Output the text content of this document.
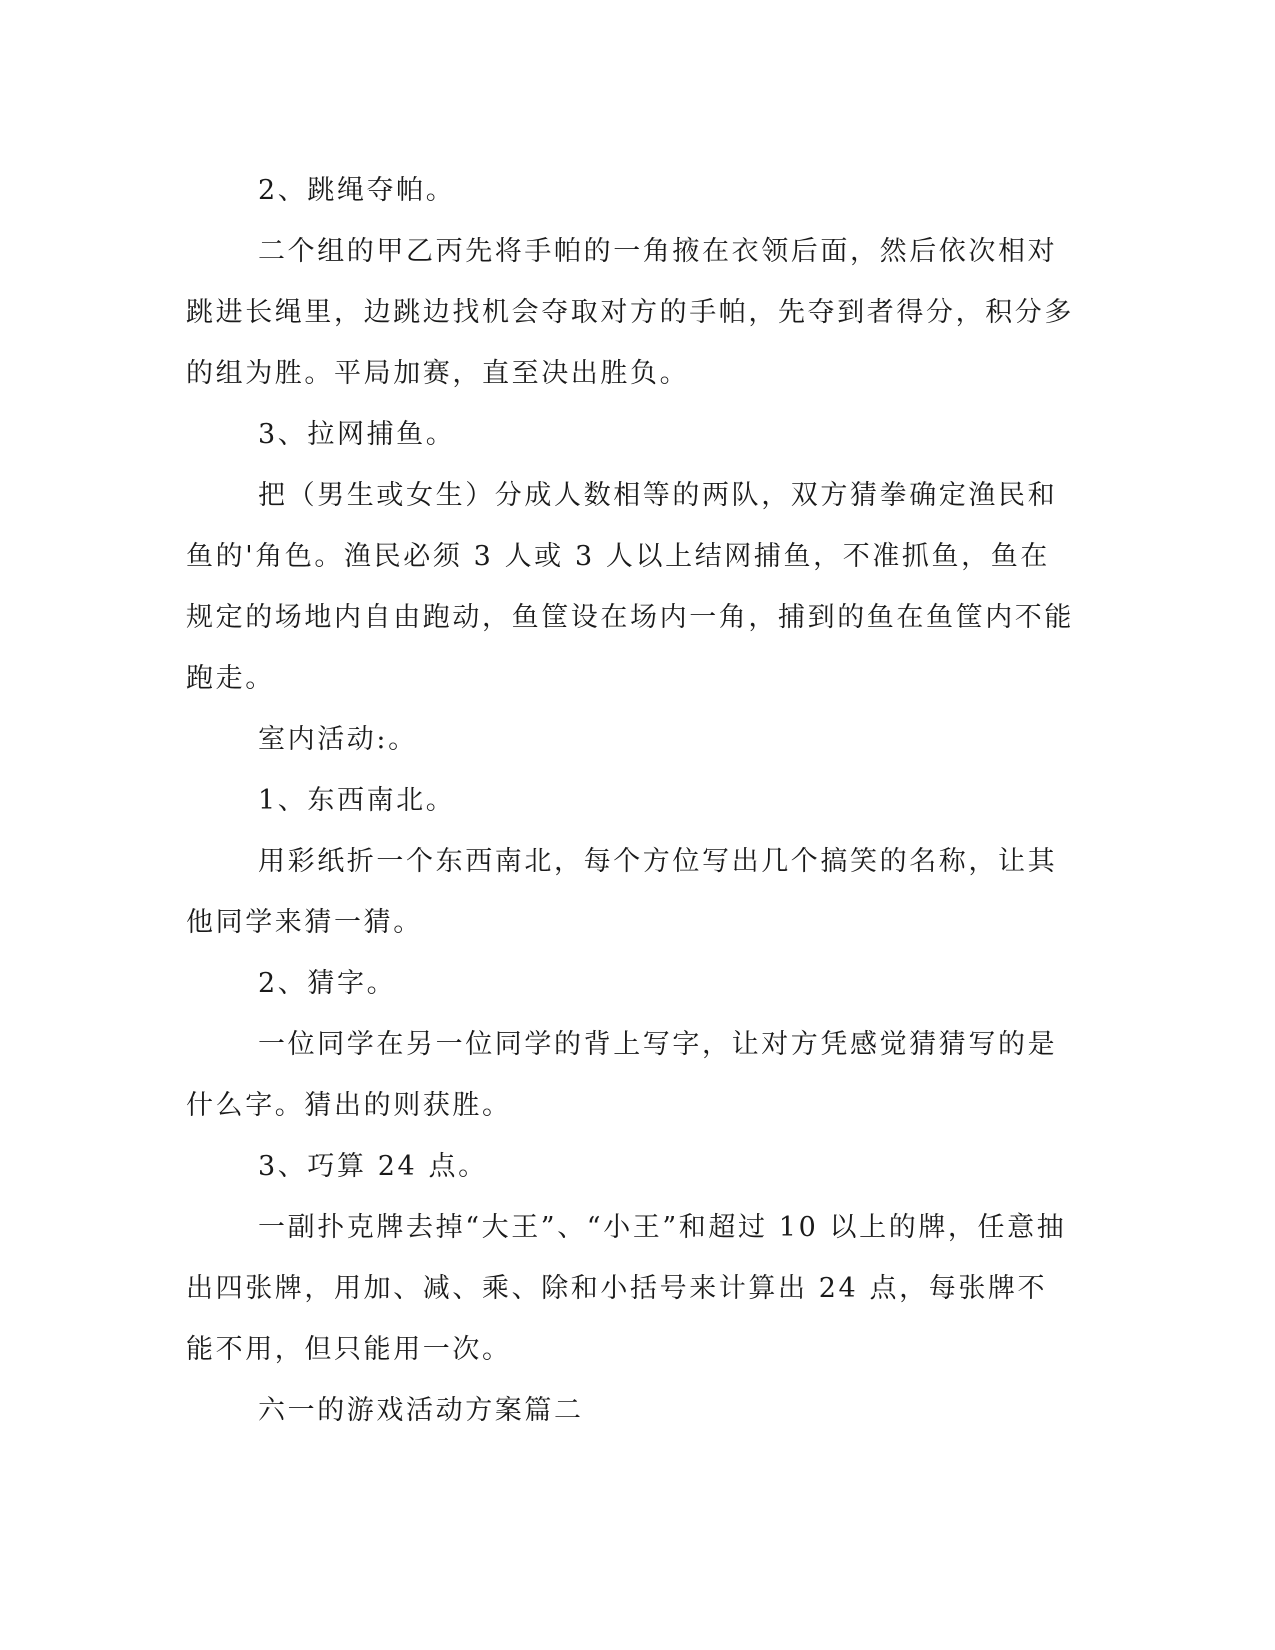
2、跳绳夺帕。

二个组的甲乙丙先将手帕的一角掖在衣领后面，然后依次相对跳进长绳里，边跳边找机会夺取对方的手帕，先夺到者得分，积分多的组为胜。平局加赛，直至决出胜负。

3、拉网捕鱼。

把（男生或女生）分成人数相等的两队，双方猜拳确定渔民和鱼的'角色。渔民必须 3 人或 3 人以上结网捕鱼，不准抓鱼，鱼在规定的场地内自由跑动，鱼筐设在场内一角，捕到的鱼在鱼筐内不能跑走。

室内活动:。

1、东西南北。

用彩纸折一个东西南北，每个方位写出几个搞笑的名称，让其他同学来猜一猜。

2、猜字。

一位同学在另一位同学的背上写字，让对方凭感觉猜猜写的是什么字。猜出的则获胜。

3、巧算 24 点。

一副扑克牌去掉“大王”、“小王”和超过 10 以上的牌，任意抽出四张牌，用加、减、乘、除和小括号来计算出 24 点，每张牌不能不用，但只能用一次。

六一的游戏活动方案篇二
